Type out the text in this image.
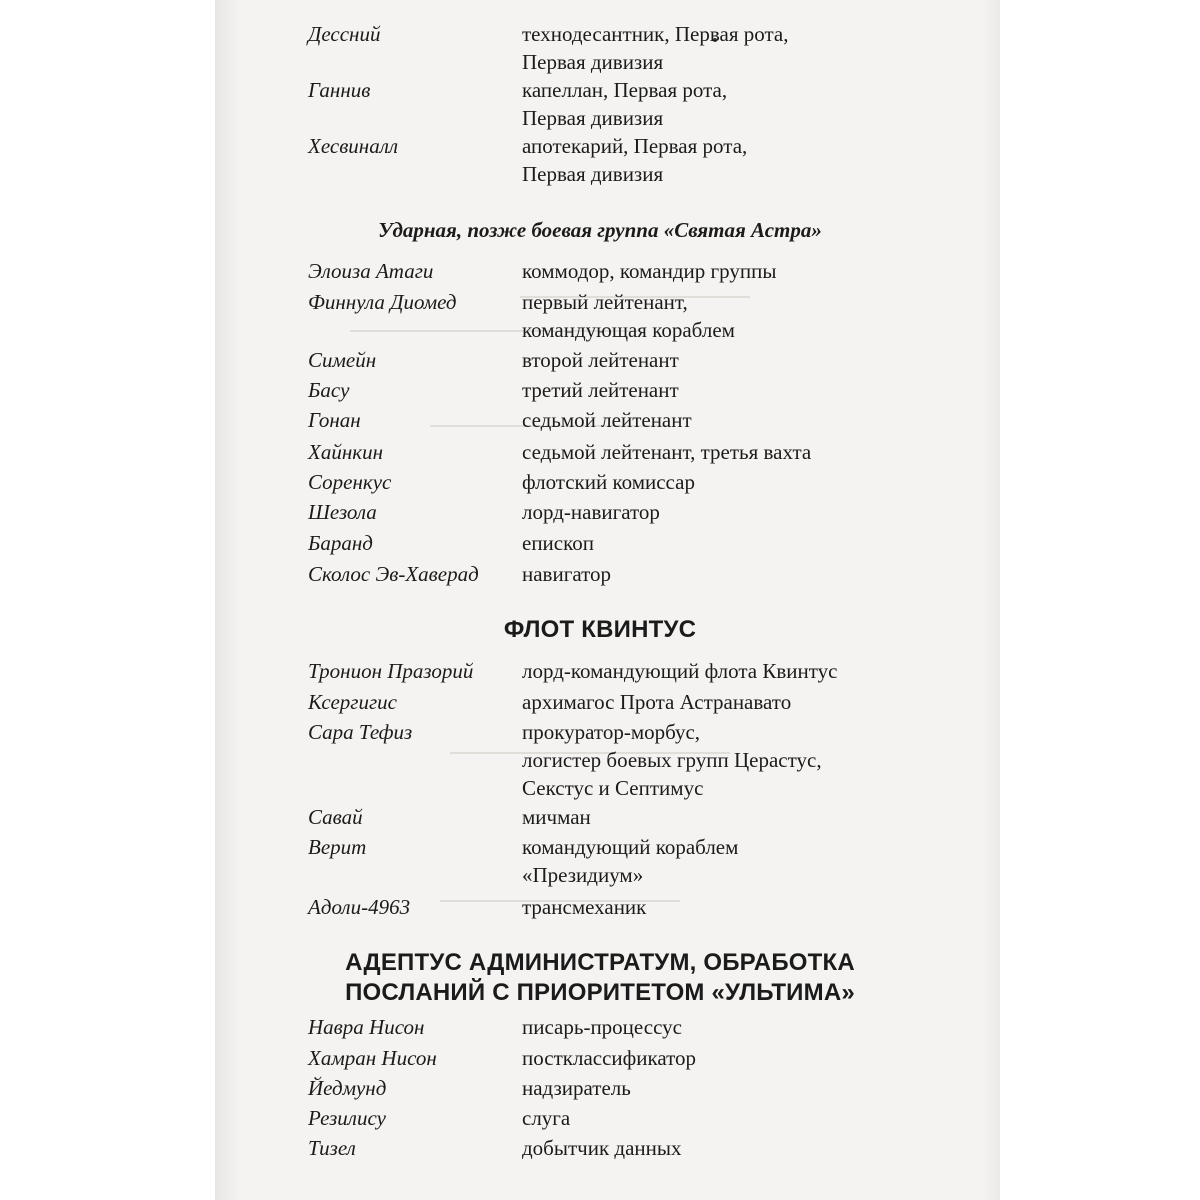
Дессний	технодесантник, Первая рота,
Первая дивизия
Ганнив	капеллан, Первая рота,
Первая дивизия
Хесвиналл	апотекарий, Первая рота,
Первая дивизия
Ударная, позже боевая группа «Святая Астра»
Элоиза Атаги	коммодор, командир группы
Финнула Диомед	первый лейтенант,
командующая кораблем
Симейн	второй лейтенант
Басу	третий лейтенант
Гонан	седьмой лейтенант
Хайнкин	седьмой лейтенант, третья вахта
Соренкус	флотский комиссар
Шезола	лорд-навигатор
Баранд	епископ
Сколос Эв-Хаверад	навигатор
ФЛОТ КВИНТУС
Тронион Празорий	лорд-командующий флота Квинтус
Ксергигис	архимагос Прота Астранавато
Сара Тефиз	прокуратор-морбус,
логистер боевых групп Церастус,
Секстус и Септимус
Савай	мичман
Верит	командующий кораблем
«Президиум»
Адоли-4963	трансмеханик
АДЕПТУС АДМИНИСТРАТУМ, ОБРАБОТКА
ПОСЛАНИЙ С ПРИОРИТЕТОМ «УЛЬТИМА»
Навра Нисон	писарь-процессус
Хамран Нисон	постклассификатор
Йедмунд	надзиратель
Резилису	слуга
Тизел	добытчик данных
